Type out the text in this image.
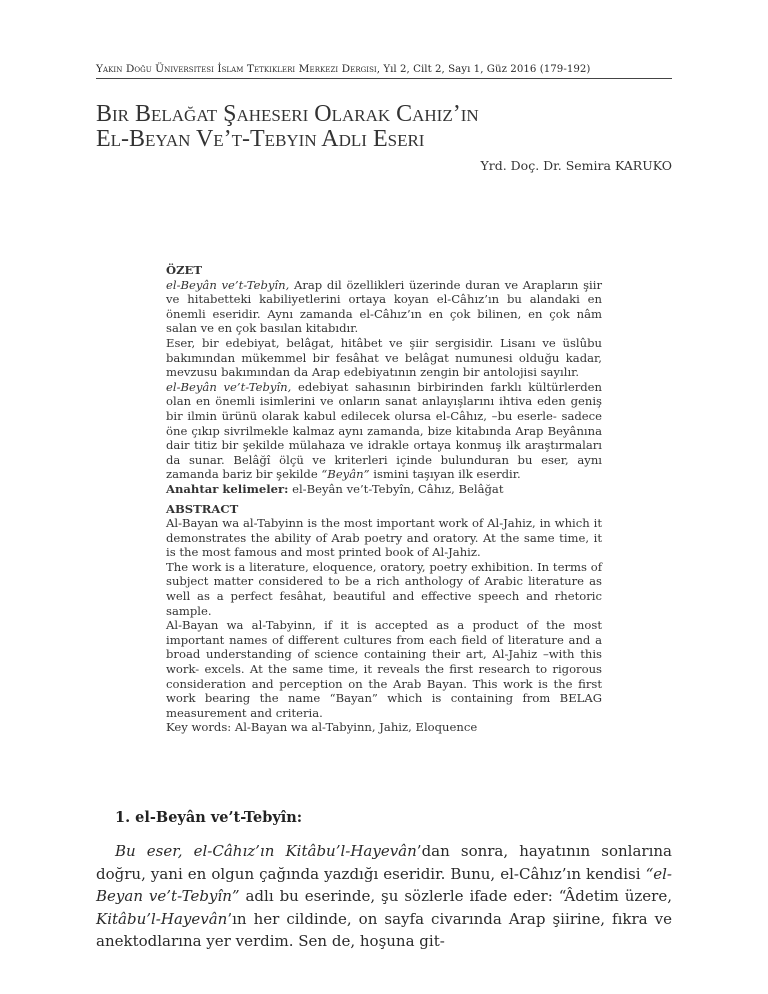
Yakın Doğu Üniversitesi İslam Tetkikleri Merkezi Dergisi, Yıl 2, Cilt 2, Sayı 1, Güz 2016 (179-192)
Bir Belağat Şaheseri Olarak Cahız’ın
El-Beyan Ve’t-Tebyin Adlı Eseri
Yrd. Doç. Dr. Semira KARUKO

ÖZET

el-Beyân ve’t-Tebyîn, Arap dil özellikleri üzerinde duran ve Arapların şiir ve hitabetteki kabiliyetlerini ortaya koyan el-Câhız’ın bu alandaki en önemli eseridir. Aynı zamanda el-Câhız’ın en çok bilinen, en çok nâm salan ve en çok basılan kitabıdır.

Eser, bir edebiyat, belâgat, hitâbet ve şiir sergisidir. Lisanı ve üslûbu bakımından mükemmel bir fesâhat ve belâgat numunesi olduğu kadar, mevzusu bakımından da Arap edebiyatının zengin bir antolojisi sayılır.

el-Beyân ve’t-Tebyîn, edebiyat sahasının birbirinden farklı kültürlerden olan en önemli isimlerini ve onların sanat anlayışlarını ihtiva eden geniş bir ilmin ürünü olarak kabul edilecek olursa el-Câhız, –bu eserle- sadece öne çıkıp sivrilmekle kalmaz aynı zamanda, bize kitabında Arap Beyânına dair titiz bir şekilde mülahaza ve idrakle ortaya konmuş ilk araştırmaları da sunar. Belâğî ölçü ve kriterleri içinde bulunduran bu eser, aynı zamanda bariz bir şekilde “Beyân” ismini taşıyan ilk eserdir.

Anahtar kelimeler: el-Beyân ve’t-Tebyîn, Câhız, Belâğat

ABSTRACT

Al-Bayan wa al-Tabyinn is the most important work of Al-Jahiz, in which it demonstrates the ability of Arab poetry and oratory. At the same time, it is the most famous and most printed book of Al-Jahiz.

The work is a literature, eloquence, oratory, poetry exhibition. In terms of subject matter considered to be a rich anthology of Arabic literature as well as a perfect fesâhat, beautiful and effective speech and rhetoric sample.

Al-Bayan wa al-Tabyinn, if it is accepted as a product of the most important names of different cultures from each field of literature and a broad understanding of science containing their art, Al-Jahiz –with this work- excels. At the same time, it reveals the first research to rigorous consideration and perception on the Arab Bayan. This work is the first work bearing the name “Bayan” which is containing from BELAG measurement and criteria.

Key words: Al-Bayan wa al-Tabyinn, Jahiz, Eloquence

1. el-Beyân ve’t-Tebyîn:

Bu eser, el-Câhız’ın Kitâbu’l-Hayevân’dan sonra, hayatının sonlarına doğru, yani en olgun çağında yazdığı eseridir. Bunu, el-Câhız’ın kendisi “el-Beyan ve’t-Tebyîn” adlı bu eserinde, şu sözlerle ifade eder: “Âdetim üzere, Kitâbu’l-Hayevân’ın her cildinde, on sayfa civarında Arap şiirine, fıkra ve anektodlarına yer verdim. Sen de, hoşuna git-
